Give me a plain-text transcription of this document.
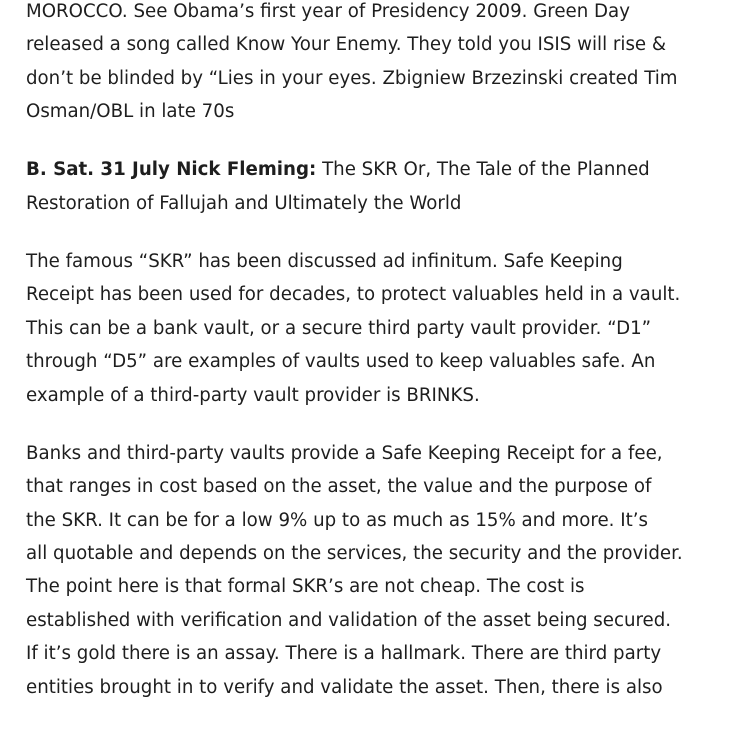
MOROCCO. See Obama’s first year of Presidency 2009. Green Day
released a song called Know Your Enemy. They told you ISIS will rise &
don’t be blinded by “Lies in your eyes. Zbigniew Brzezinski created Tim
Osman/OBL in late 70s

B. Sat. 31 July Nick Fleming: The SKR Or, The Tale of the Planned
Restoration of Fallujah and Ultimately the World

The famous “SKR” has been discussed ad infinitum. Safe Keeping
Receipt has been used for decades, to protect valuables held in a vault.
This can be a bank vault, or a secure third party vault provider. “D1”
through “D5” are examples of vaults used to keep valuables safe. An
example of a third-party vault provider is BRINKS.

Banks and third-party vaults provide a Safe Keeping Receipt for a fee,
that ranges in cost based on the asset, the value and the purpose of
the SKR. It can be for a low 9% up to as much as 15% and more. It’s
all quotable and depends on the services, the security and the provider.
The point here is that formal SKR’s are not cheap. The cost is
established with verification and validation of the asset being secured.
If it’s gold there is an assay. There is a hallmark. There are third party
entities brought in to verify and validate the asset. Then, there is also
